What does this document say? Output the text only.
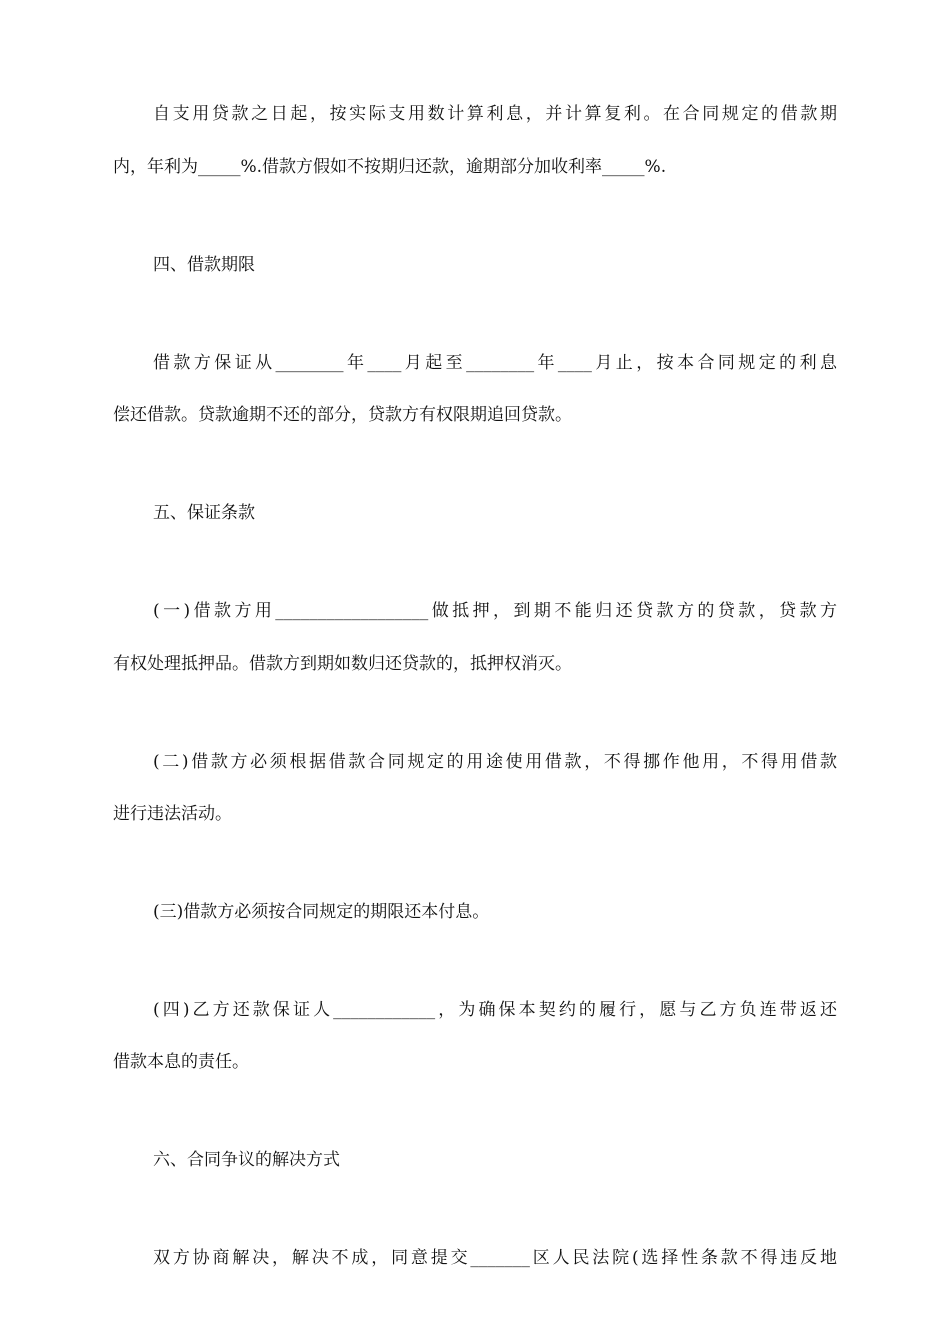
自支用贷款之日起，按实际支用数计算利息，并计算复利。在合同规定的借款期
内，年利为_____%.借款方假如不按期归还款，逾期部分加收利率_____%.
四、借款期限
借款方保证从________年____月起至________年____月止，按本合同规定的利息
偿还借款。贷款逾期不还的部分，贷款方有权限期追回贷款。
五、保证条款
(一)借款方用__________________做抵押，到期不能归还贷款方的贷款，贷款方
有权处理抵押品。借款方到期如数归还贷款的，抵押权消灭。
(二)借款方必须根据借款合同规定的用途使用借款，不得挪作他用，不得用借款
进行违法活动。
(三)借款方必须按合同规定的期限还本付息。
(四)乙方还款保证人____________，为确保本契约的履行，愿与乙方负连带返还
借款本息的责任。
六、合同争议的解决方式
双方协商解决，解决不成，同意提交_______区人民法院(选择性条款不得违反地
